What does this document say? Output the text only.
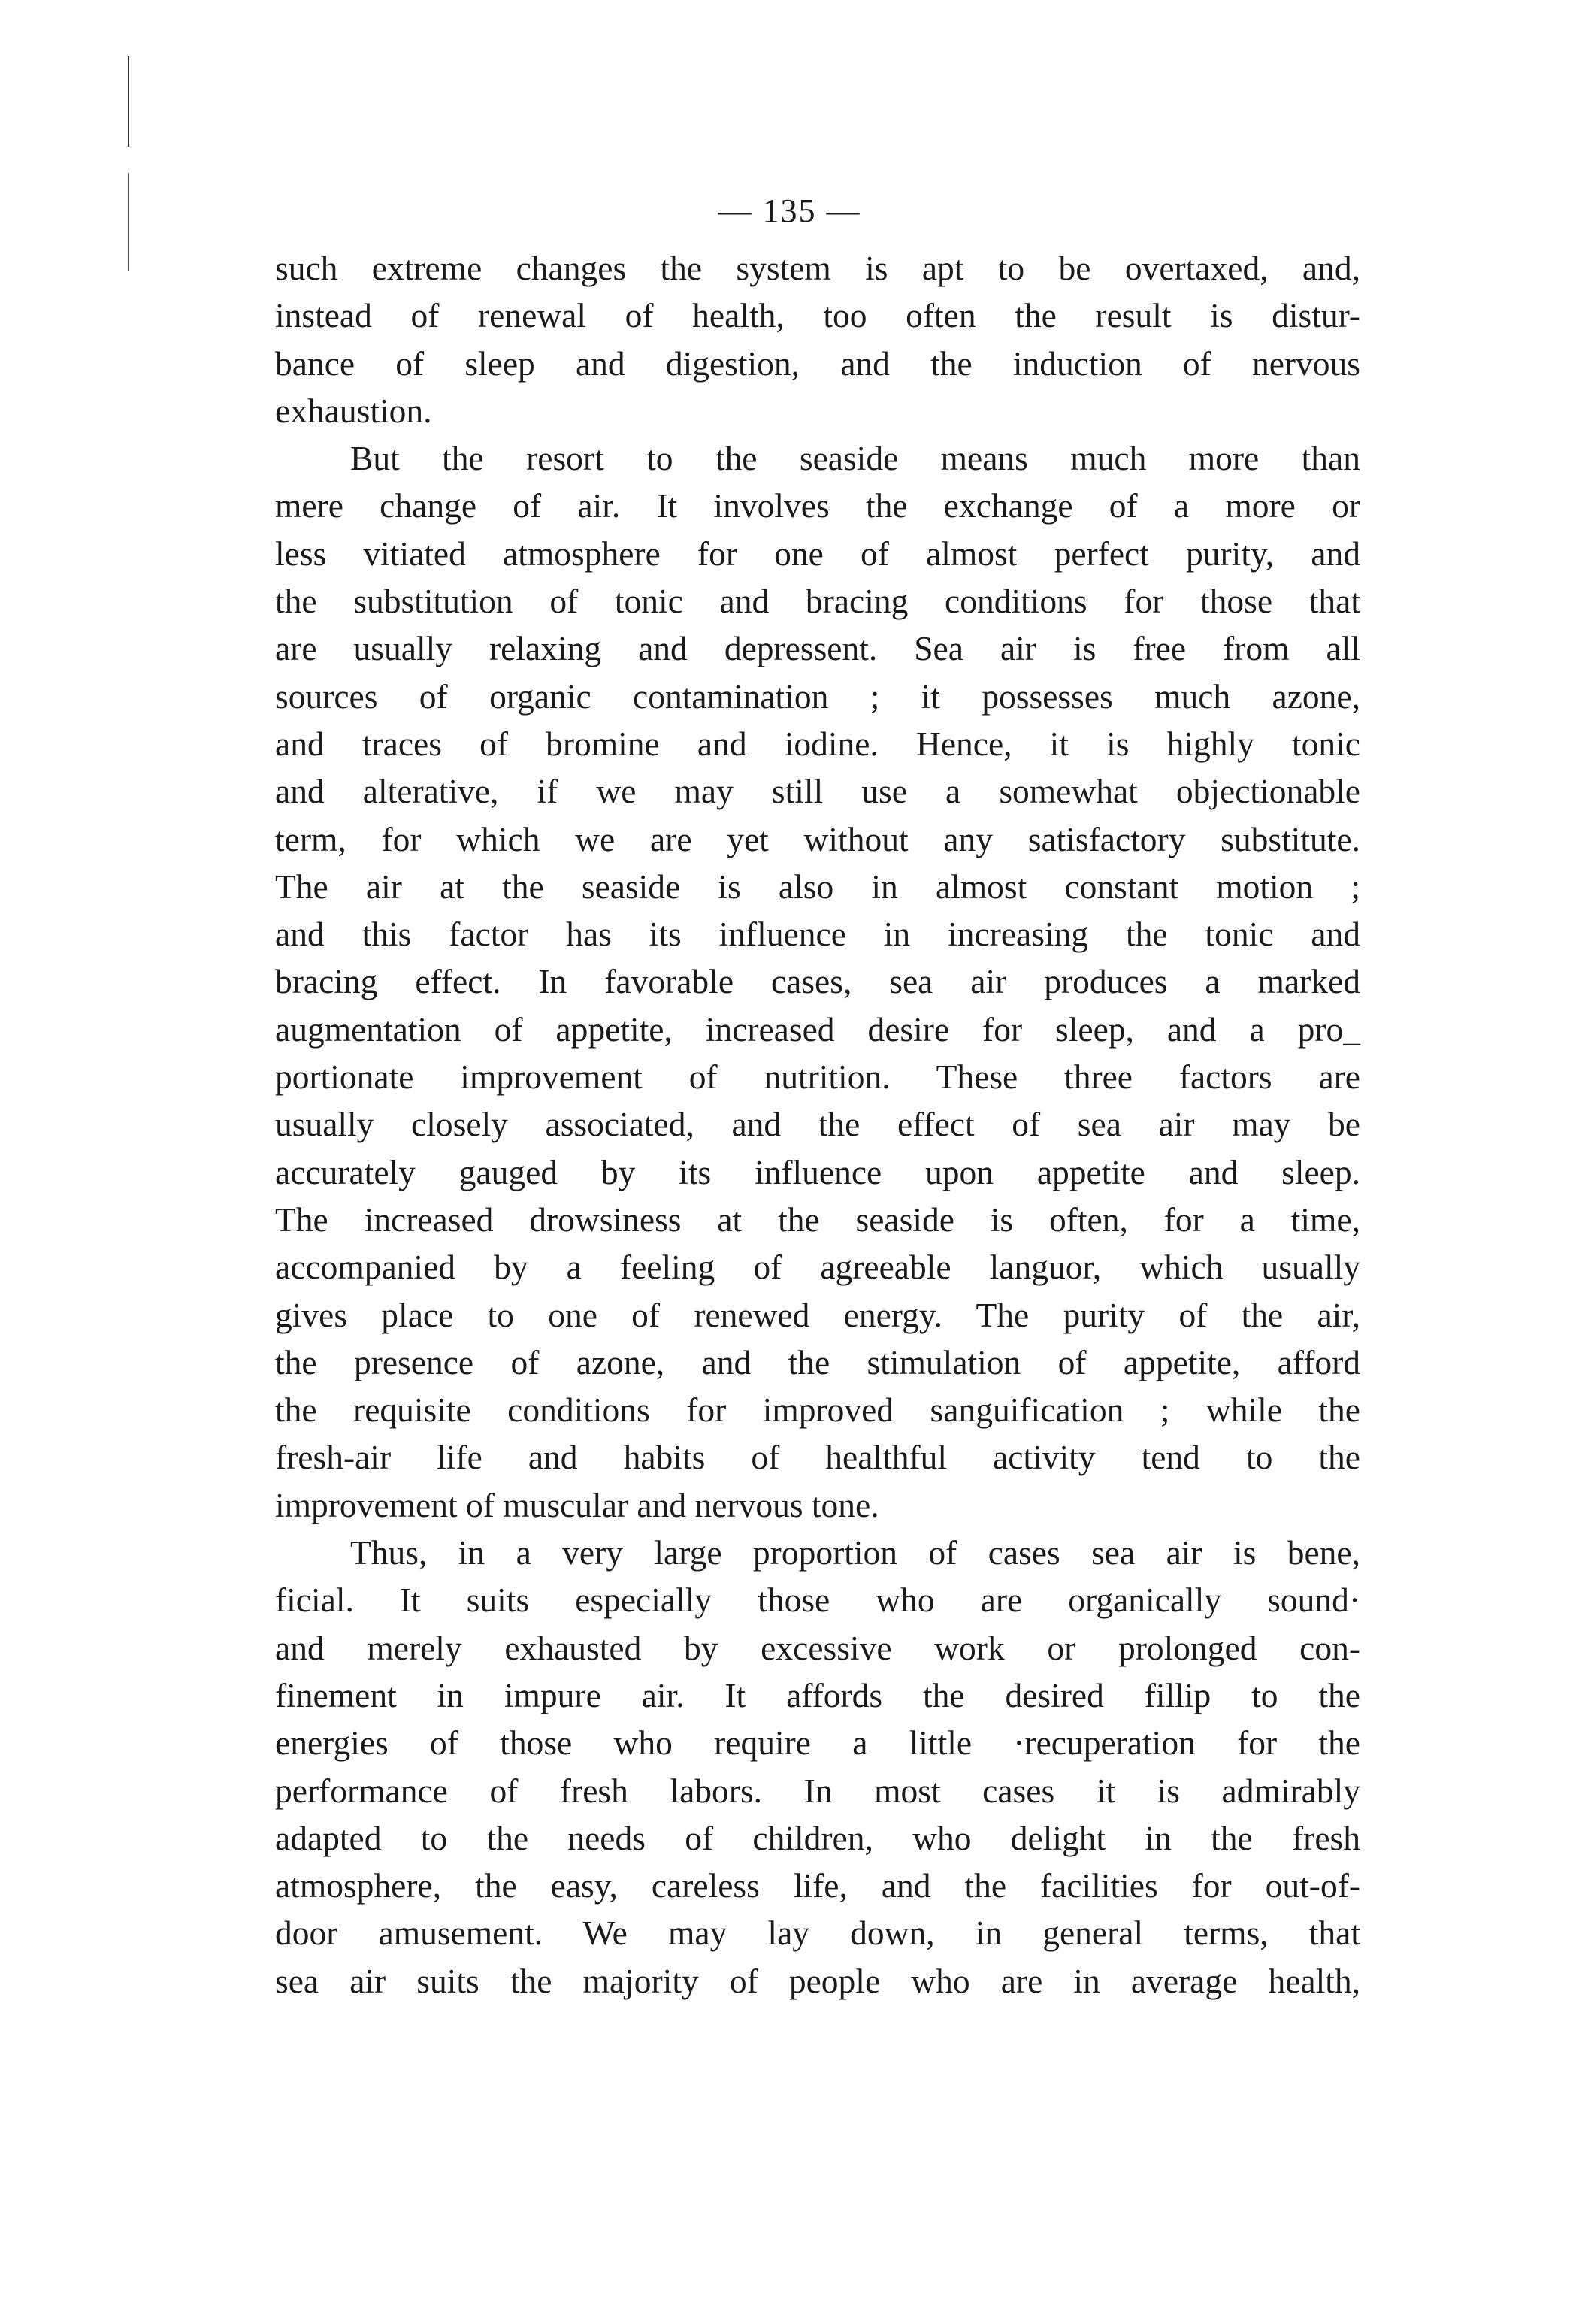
— 135 —

such extreme changes the system is apt to be overtaxed, and,
instead of renewal of health, too often the result is distur-
bance of sleep and digestion, and the induction of nervous
exhaustion.

But the resort to the seaside means much more than
mere change of air. It involves the exchange of a more or
less vitiated atmosphere for one of almost perfect purity, and
the substitution of tonic and bracing conditions for those that
are usually relaxing and depressent. Sea air is free from all
sources of organic contamination ; it possesses much azone,
and traces of bromine and iodine. Hence, it is highly tonic
and alterative, if we may still use a somewhat objectionable
term, for which we are yet without any satisfactory substitute.
The air at the seaside is also in almost constant motion ;
and this factor has its influence in increasing the tonic and
bracing effect. In favorable cases, sea air produces a marked
augmentation of appetite, increased desire for sleep, and a pro_
portionate improvement of nutrition. These three factors are
usually closely associated, and the effect of sea air may be
accurately gauged by its influence upon appetite and sleep.
The increased drowsiness at the seaside is often, for a time,
accompanied by a feeling of agreeable languor, which usually
gives place to one of renewed energy. The purity of the air,
the presence of azone, and the stimulation of appetite, afford
the requisite conditions for improved sanguification ; while the
fresh-air life and habits of healthful activity tend to the
improvement of muscular and nervous tone.

Thus, in a very large proportion of cases sea air is bene,
ficial. It suits especially those who are organically sound·
and merely exhausted by excessive work or prolonged con-
finement in impure air. It affords the desired fillip to the
energies of those who require a little ·recuperation for the
performance of fresh labors. In most cases it is admirably
adapted to the needs of children, who delight in the fresh
atmosphere, the easy, careless life, and the facilities for out-of-
door amusement. We may lay down, in general terms, that
sea air suits the majority of people who are in average health,
